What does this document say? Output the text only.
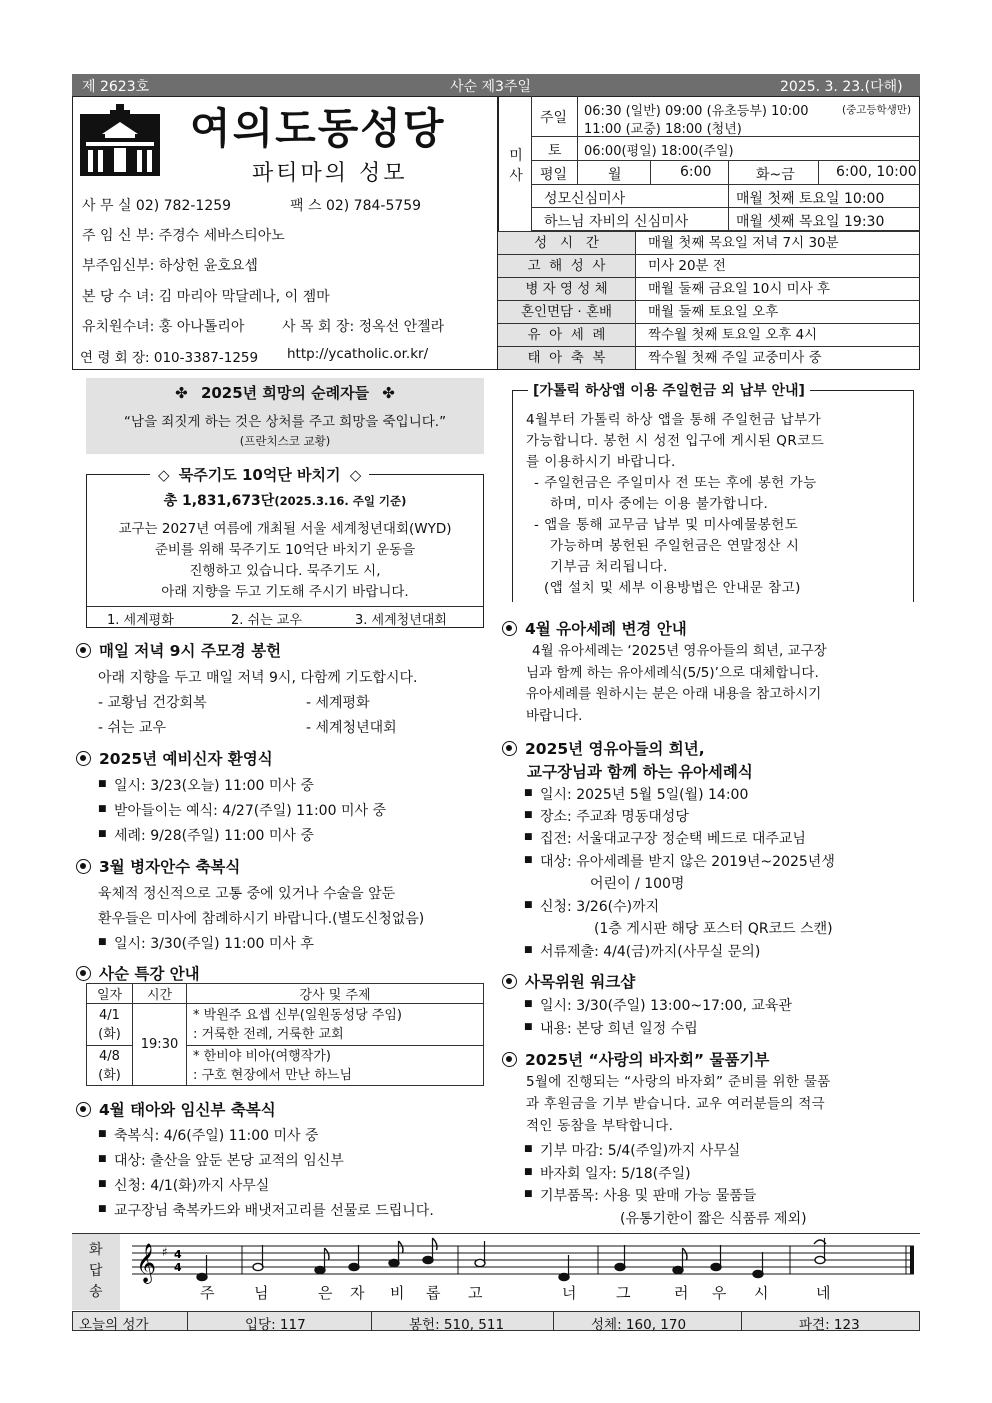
제 2623호	사순 제3주일	2025. 3. 23.(다해)
여의도동성당
파티마의 성모
사 무 실 02) 782-1259	팩 스 02) 784-5759
주 임 신 부: 주경수 세바스티아노
부주임신부: 하상헌 윤호요셉
본 당 수 녀: 김 마리아 막달레나, 이 젬마
유치원수녀: 홍 아나톨리아	사 목 회 장: 정옥선 안젤라
연 령 회 장: 010-3387-1259 http://ycatholic.or.kr/
미사
주일 06:30 (일반) 09:00 (유초등부) 10:00	(중고등학생만)
11:00 (교중) 18:00 (청년)
토 06:00(평일) 18:00(주일)
평일	월	6:00	화~금	6:00, 10:00
성모신심미사	매월 첫째 토요일 10:00
하느님 자비의 신심미사	매월 셋째 목요일 19:30
성   시   간	매월 첫째 목요일 저녁 7시 30분
고  해  성  사	미사 20분 전
병 자 영 성 체	매월 둘째 금요일 10시 미사 후
혼인면담 · 혼배	매월 둘째 토요일 오후
유  아  세  례	짝수월 첫째 토요일 오후 4시
태  아  축  복	짝수월 첫째 주일 교중미사 중
✤ 2025년 희망의 순례자들 ✤
“남을 죄짓게 하는 것은 상처를 주고 희망을 죽입니다.”
(프란치스코 교황)
◇ 묵주기도 10억단 바치기 ◇
총 1,831,673단(2025.3.16. 주일 기준)
교구는 2027년 여름에 개최될 서울 세계청년대회(WYD)
준비를 위해 묵주기도 10억단 바치기 운동을
진행하고 있습니다. 묵주기도 시,
아래 지향을 두고 기도해 주시기 바랍니다.
1. 세계평화	2. 쉬는 교우	3. 세계청년대회
매일 저녁 9시 주모경 봉헌
아래 지향을 두고 매일 저녁 9시, 다함께 기도합시다.
- 교황님 건강회복	- 세계평화
- 쉬는 교우	- 세계청년대회
2025년 예비신자 환영식
■ 일시: 3/23(오늘) 11:00 미사 중
■ 받아들이는 예식: 4/27(주일) 11:00 미사 중
■ 세례: 9/28(주일) 11:00 미사 중
3월 병자안수 축복식
육체적 정신적으로 고통 중에 있거나 수술을 앞둔
환우들은 미사에 참례하시기 바랍니다.(별도신청없음)
■ 일시: 3/30(주일) 11:00 미사 후
사순 특강 안내
일자	시간	강사 및 주제
4/1
(화)	19:30	* 박원주 요셉 신부(일원동성당 주임)
: 거룩한 전례, 거룩한 교회
4/8
(화)		* 한비야 비아(여행작가)
: 구호 현장에서 만난 하느님
4월 태아와 임신부 축복식
■ 축복식: 4/6(주일) 11:00 미사 중
■ 대상: 출산을 앞둔 본당 교적의 임신부
■ 신청: 4/1(화)까지 사무실
■ 교구장님 축복카드와 배냇저고리를 선물로 드립니다.
[가톨릭 하상앱 이용 주일헌금 외 납부 안내]
4월부터 가톨릭 하상 앱을 통해 주일헌금 납부가
가능합니다. 봉헌 시 성전 입구에 게시된 QR코드
를 이용하시기 바랍니다.
- 주일헌금은 주일미사 전 또는 후에 봉헌 가능
하며, 미사 중에는 이용 불가합니다.
- 앱을 통해 교무금 납부 및 미사예물봉헌도
가능하며 봉헌된 주일헌금은 연말정산 시
기부금 처리됩니다.
(앱 설치 및 세부 이용방법은 안내문 참고)
4월 유아세례 변경 안내
4월 유아세례는 ‘2025년 영유아들의 희년, 교구장
님과 함께 하는 유아세례식(5/5)’으로 대체합니다.
유아세례를 원하시는 분은 아래 내용을 참고하시기
바랍니다.
2025년 영유아들의 희년,
교구장님과 함께 하는 유아세례식
■ 일시: 2025년 5월 5일(월) 14:00
■ 장소: 주교좌 명동대성당
■ 집전: 서울대교구장 정순택 베드로 대주교님
■ 대상: 유아세례를 받지 않은 2019년~2025년생
어린이 / 100명
■ 신청: 3/26(수)까지
(1층 게시판 해당 포스터 QR코드 스캔)
■ 서류제출: 4/4(금)까지(사무실 문의)
사목위원 워크샵
■ 일시: 3/30(주일) 13:00~17:00, 교육관
■ 내용: 본당 희년 일정 수립
2025년 “사랑의 바자회” 물품기부
5월에 진행되는 “사랑의 바자회” 준비를 위한 물품
과 후원금을 기부 받습니다. 교우 여러분들의 적극
적인 동참을 부탁합니다.
■ 기부 마감: 5/4(주일)까지 사무실
■ 바자회 일자: 5/18(주일)
■ 기부품목: 사용 및 판매 가능 물품들
(유통기한이 짧은 식품류 제외)
화
답
송
𝄞 ♯ 4
4
주	님	은 자 비 롭 고	너	그	러 우 시	네
오늘의 성가	입당: 117	봉헌: 510, 511	성체: 160, 170	파견: 123
